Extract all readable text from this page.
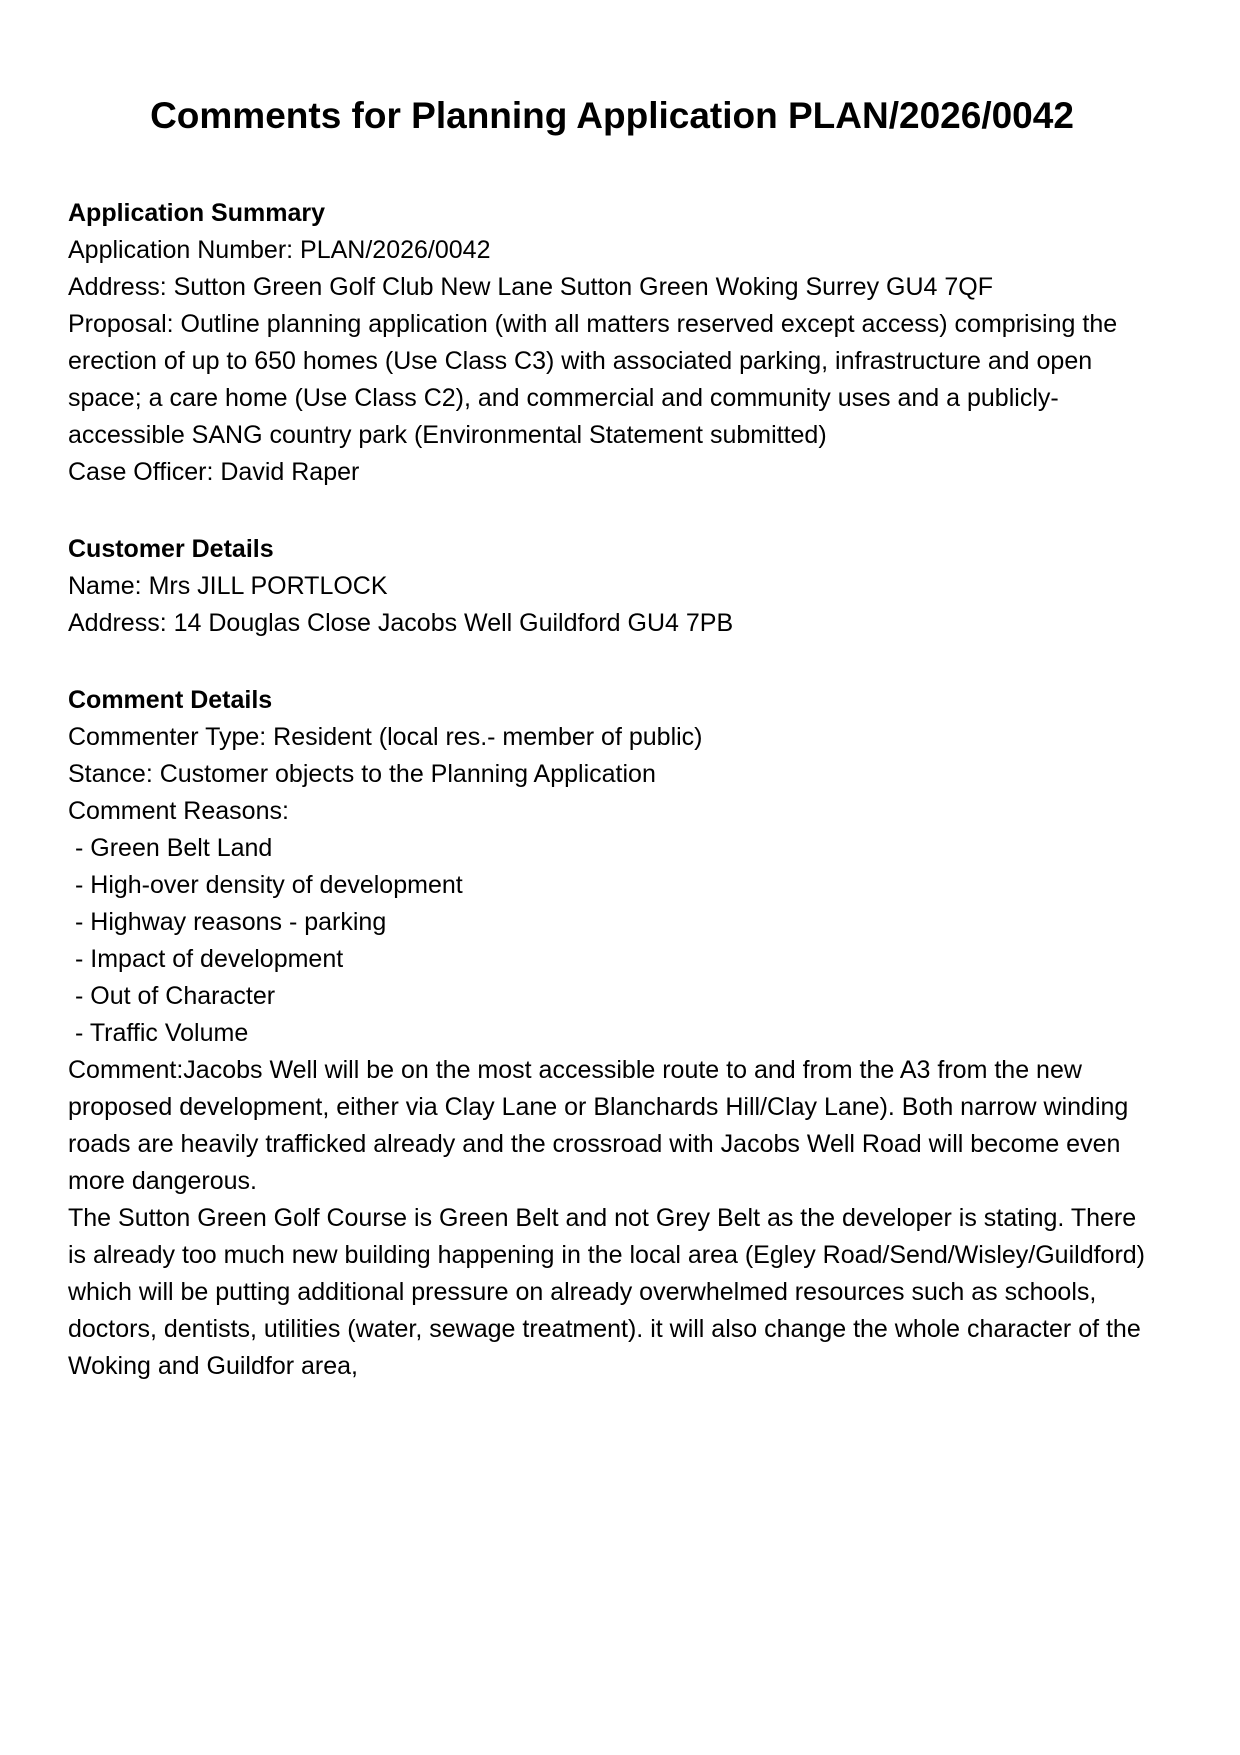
Comments for Planning Application PLAN/2026/0042
Application Summary

Application Number: PLAN/2026/0042

Address: Sutton Green Golf Club New Lane Sutton Green Woking Surrey GU4 7QF

Proposal: Outline planning application (with all matters reserved except access) comprising the erection of up to 650 homes (Use Class C3) with associated parking, infrastructure and open space; a care home (Use Class C2), and commercial and community uses and a publicly-accessible SANG country park (Environmental Statement submitted)

Case Officer: David Raper

Customer Details

Name: Mrs JILL PORTLOCK

Address: 14 Douglas Close Jacobs Well Guildford GU4 7PB

Comment Details

Commenter Type: Resident (local res.- member of public)

Stance: Customer objects to the Planning Application

Comment Reasons:

- Green Belt Land
- High-over density of development
- Highway reasons - parking
- Impact of development
- Out of Character
- Traffic Volume

Comment:Jacobs Well will be on the most accessible route to and from the A3 from the new proposed development, either via Clay Lane or Blanchards Hill/Clay Lane). Both narrow winding roads are heavily trafficked already and the crossroad with Jacobs Well Road will become even more dangerous.

The Sutton Green Golf Course is Green Belt and not Grey Belt as the developer is stating. There is already too much new building happening in the local area (Egley Road/Send/Wisley/Guildford) which will be putting additional pressure on already overwhelmed resources such as schools, doctors, dentists, utilities (water, sewage treatment). it will also change the whole character of the Woking and Guildfor area,
